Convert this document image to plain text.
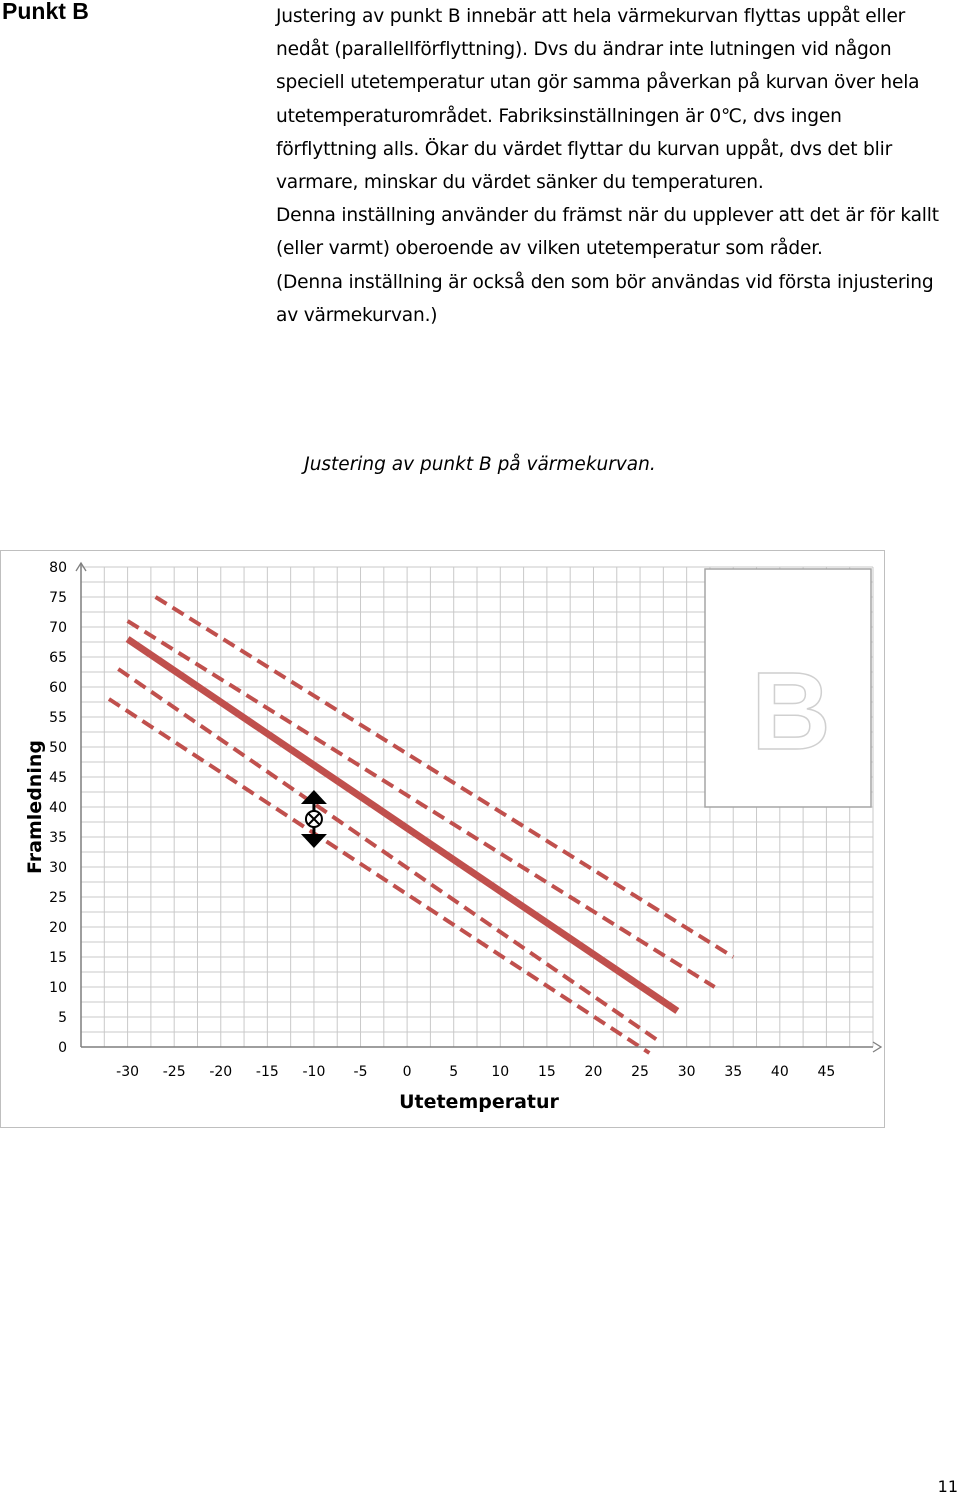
Punkt B	Justering av punkt B innebär att hela värmekurvan flyttas uppåt eller
nedåt (parallellförflyttning). Dvs du ändrar inte lutningen vid någon
speciell utetemperatur utan gör samma påverkan på kurvan över hela
utetemperaturområdet. Fabriksinställningen är 0℃, dvs ingen
förflyttning alls. Ökar du värdet flyttar du kurvan uppåt, dvs det blir
varmare, minskar du värdet sänker du temperaturen.
Denna inställning använder du främst när du upplever att det är för kallt
(eller varmt) oberoende av vilken utetemperatur som råder.
(Denna inställning är också den som bör användas vid första injustering
av värmekurvan.)
Justering av punkt B på värmekurvan.
B
-30 -25 -20 -15 -10 -5	0	5 10 15 20 25 30 35 40 45
0
5
10
15
20
25
30
35
40
45
50
55
60
65
70
75
80
Utetemperatur
Framledning
11
